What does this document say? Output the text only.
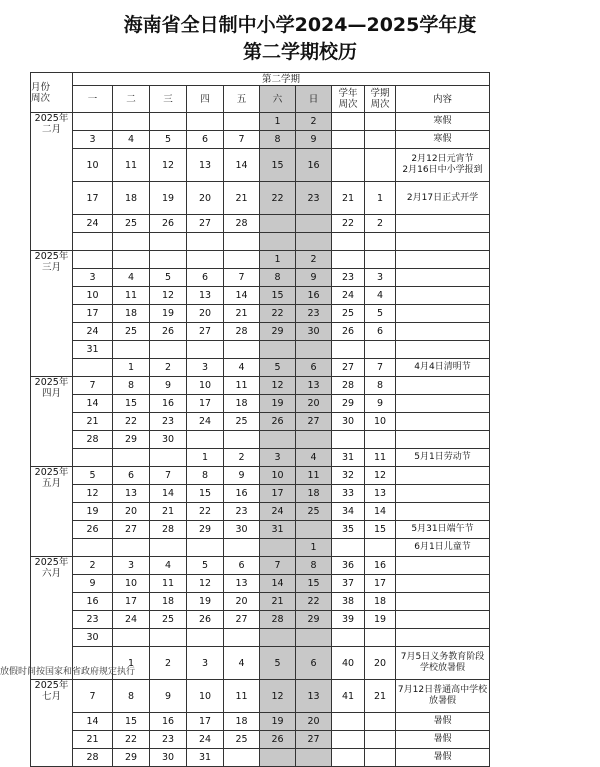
海南省全日制中小学2024—2025学年度
第二学期校历
月份
周次	第二学期									
	一	二	三	四	五	六	日	学年
周次	学期
周次	内容
2025年
二月						1	2			寒假
	3	4	5	6	7	8	9			寒假
	10	11	12	13	14	15	16			2月12日元宵节
2月16日中小学报到
	17	18	19	20	21	22	23	21	1	2月17日正式开学
	24	25	26	27	28			22	2	

2025年
三月						1	2			
	3	4	5	6	7	8	9	23	3	
	10	11	12	13	14	15	16	24	4	
	17	18	19	20	21	22	23	25	5	
	24	25	26	27	28	29	30	26	6	
	31									
		1	2	3	4	5	6	27	7	4月4日清明节
2025年
四月	7	8	9	10	11	12	13	28	8	
	14	15	16	17	18	19	20	29	9	
	21	22	23	24	25	26	27	30	10	
	28	29	30							
				1	2	3	4	31	11	5月1日劳动节
2025年
五月	5	6	7	8	9	10	11	32	12	
	12	13	14	15	16	17	18	33	13	
	19	20	21	22	23	24	25	34	14	
	26	27	28	29	30	31		35	15	5月31日端午节
							1			6月1日儿童节
2025年
六月	2	3	4	5	6	7	8	36	16	
	9	10	11	12	13	14	15	37	17	
	16	17	18	19	20	21	22	38	18	
	23	24	25	26	27	28	29	39	19	
	30									
		1	2	3	4	5	6	40	20	7月5日义务教育阶段
学校放暑假
2025年
七月	7	8	9	10	11	12	13	41	21	7月12日普通高中学校
放暑假
	14	15	16	17	18	19	20			暑假
	21	22	23	24	25	26	27			暑假
	28	29	30	31						暑假
放假时间按国家和省政府规定执行
